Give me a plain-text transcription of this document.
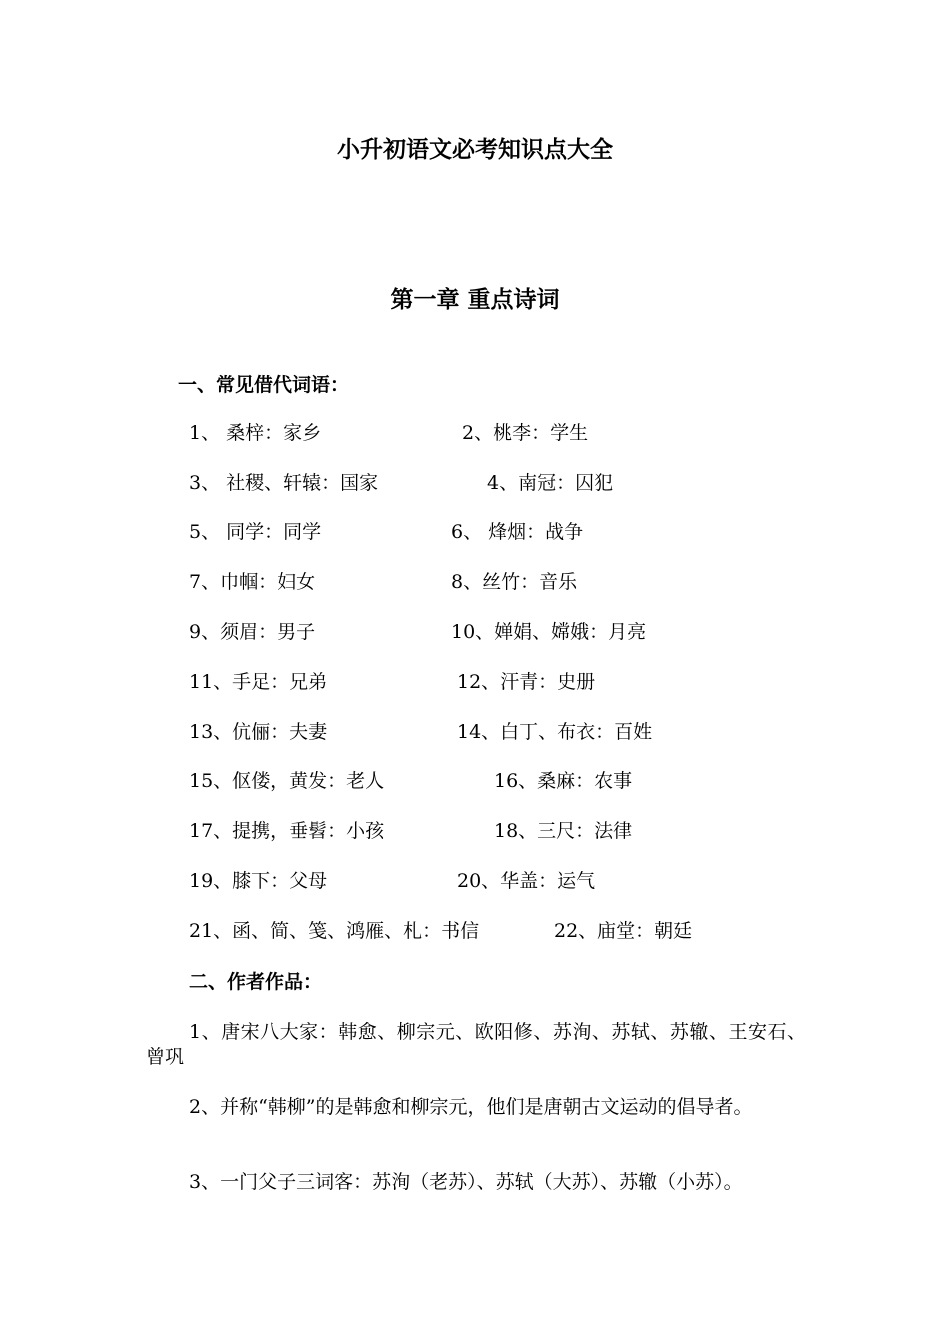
小升初语文必考知识点大全
第一章 重点诗词
一、常见借代词语：
1、 桑梓：家乡	2、桃李：学生
3、 社稷、轩辕：国家	4、南冠：囚犯
5、 同学：同学	6、 烽烟：战争
7、巾帼：妇女	8、丝竹：音乐
9、须眉：男子	10、婵娟、嫦娥：月亮
11、手足：兄弟	12、汗青：史册
13、伉俪：夫妻	14、白丁、布衣：百姓
15、伛偻，黄发：老人	16、桑麻：农事
17、提携，垂髫：小孩	18、三尺：法律
19、膝下：父母	20、华盖：运气
21、函、简、笺、鸿雁、札：书信	22、庙堂：朝廷
二、作者作品：
1、唐宋八大家：韩愈、柳宗元、欧阳修、苏洵、苏轼、苏辙、王安石、曾巩
2、并称“韩柳”的是韩愈和柳宗元，他们是唐朝古文运动的倡导者。
3、一门父子三词客：苏洵（老苏）、苏轼（大苏）、苏辙（小苏）。
